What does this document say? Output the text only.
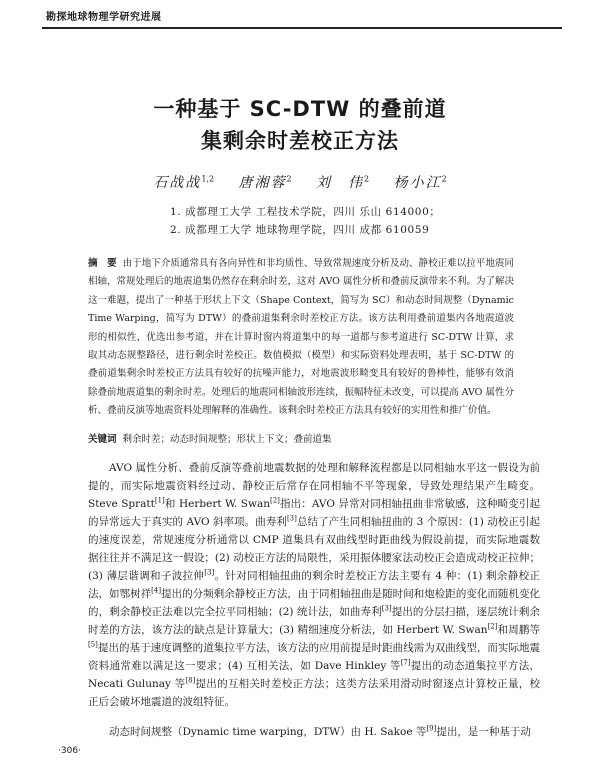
勘探地球物理学研究进展
一种基于 SC-DTW 的叠前道
集剩余时差校正方法
石战战$^{1,2}$ 唐湘蓉$^2$ 刘　伟$^2$ 杨小江$^2$
1. 成都理工大学 工程技术学院，四川 乐山 614000；
2. 成都理工大学 地球物理学院，四川 成都 610059
摘　要 由于地下介质通常具有各向异性和非均质性、导致常规速度分析及动、静校正难以拉平地震同相轴，常规处理后的地震道集仍然存在剩余时差，这对 AVO 属性分析和叠前反演带来不利。为了解决这一难题，提出了一种基于形状上下文（Shape Context，简写为 SC）和动态时间规整（Dynamic Time Warping，简写为 DTW）的叠前道集剩余时差校正方法。该方法利用叠前道集内各地震道波形的相似性，优选出参考道，并在计算时窗内将道集中的每一道都与参考道进行 SC-DTW 计算，求取其动态规整路径，进行剩余时差校正。数值模拟（模型）和实际资料处理表明，基于 SC-DTW 的叠前道集剩余时差校正方法具有较好的抗噪声能力，对地震波形畸变具有较好的鲁棒性，能够有效消除叠前地震道集的剩余时差。处理后的地震同相轴波形连续，振幅特征未改变，可以提高 AVO 属性分析、叠前反演等地震资料处理解释的准确性。该剩余时差校正方法具有较好的实用性和推广价值。
关键词 剩余时差；动态时间规整；形状上下文；叠前道集
AVO 属性分析、叠前反演等叠前地震数据的处理和解释流程都是以同相轴水平这一假设为前提的，而实际地震资料经过动、静校正后常存在同相轴不平等现象，导致处理结果产生畸变。Steve Spratt[1]和 Herbert W. Swan[2]指出：AVO 异常对同相轴扭曲非常敏感，这种畸变引起的异常远大于真实的 AVO 斜率项。曲寿利[3]总结了产生同相轴扭曲的 3 个原因：(1) 动校正引起的速度误差，常规速度分析通常以 CMP 道集具有双曲线型时距曲线为假设前提，而实际地震数据往往并不满足这一假设；(2) 动校正方法的局限性，采用振体腰家法动校正会造成动校正拉伸；(3) 薄层谐调和子波拉伸[3]。针对同相轴扭曲的剩余时差校正方法主要有 4 种：(1) 剩余静校正法，如鄂树祥[4]提出的分频剩余静校正方法，由于同相轴扭曲是随时间和炮检距的变化而随机变化的，剩余静校正法难以完全拉平同相轴；(2) 统计法，如曲寿利[3]提出的分层扫描，逐层统计剩余时差的方法，该方法的缺点是计算量大；(3) 精细速度分析法，如 Herbert W. Swan[2]和周鹏等[5]提出的基于速度调整的道集拉平方法，该方法的应用前提是时距曲线需为双曲线型，而实际地震资料通常难以满足这一要求；(4) 互相关法，如 Dave Hinkley 等[7]提出的动态道集拉平方法，Necati Gulunay 等[8]提出的互相关时差校正方法；这类方法采用滑动时窗逐点计算校正量，校正后会破坏地震道的波组特征。
动态时间规整（Dynamic time warping，DTW）由 H. Sakoe 等[9]提出，是一种基于动
·306·
